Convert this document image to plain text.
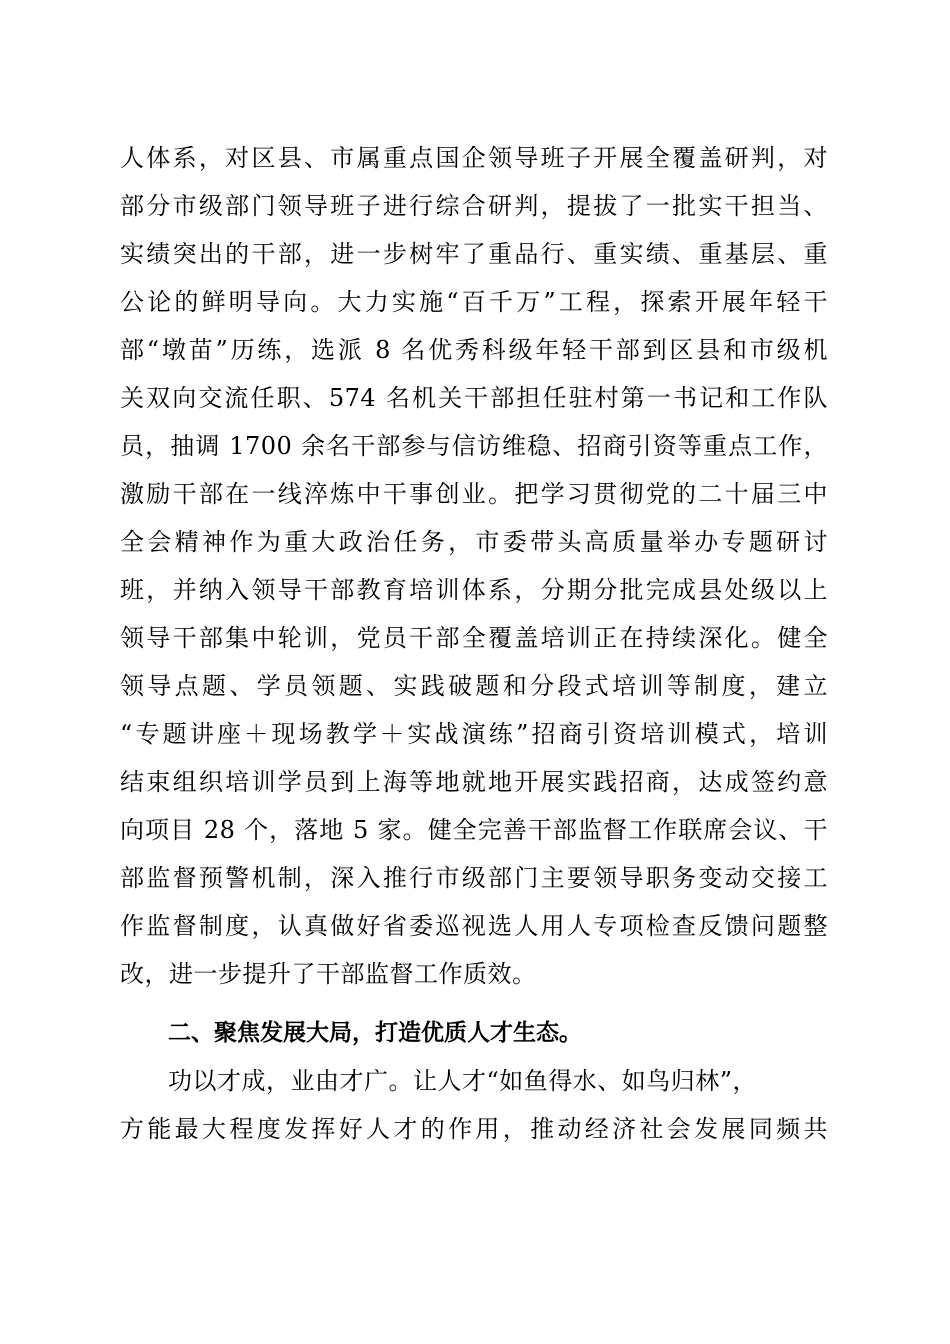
人体系，对区县、市属重点国企领导班子开展全覆盖研判，对
部分市级部门领导班子进行综合研判，提拔了一批实干担当、
实绩突出的干部，进一步树牢了重品行、重实绩、重基层、重
公论的鲜明导向。大力实施“百千万”工程，探索开展年轻干
部“墩苗”历练，选派 8 名优秀科级年轻干部到区县和市级机
关双向交流任职、574 名机关干部担任驻村第一书记和工作队
员，抽调 1700 余名干部参与信访维稳、招商引资等重点工作，
激励干部在一线淬炼中干事创业。把学习贯彻党的二十届三中
全会精神作为重大政治任务，市委带头高质量举办专题研讨
班，并纳入领导干部教育培训体系，分期分批完成县处级以上
领导干部集中轮训，党员干部全覆盖培训正在持续深化。健全
领导点题、学员领题、实践破题和分段式培训等制度，建立
“专题讲座＋现场教学＋实战演练”招商引资培训模式，培训
结束组织培训学员到上海等地就地开展实践招商，达成签约意
向项目 28 个，落地 5 家。健全完善干部监督工作联席会议、干
部监督预警机制，深入推行市级部门主要领导职务变动交接工
作监督制度，认真做好省委巡视选人用人专项检查反馈问题整
改，进一步提升了干部监督工作质效。
二、聚焦发展大局，打造优质人才生态。
功以才成，业由才广。让人才“如鱼得水、如鸟归林”，
方能最大程度发挥好人才的作用，推动经济社会发展同频共
